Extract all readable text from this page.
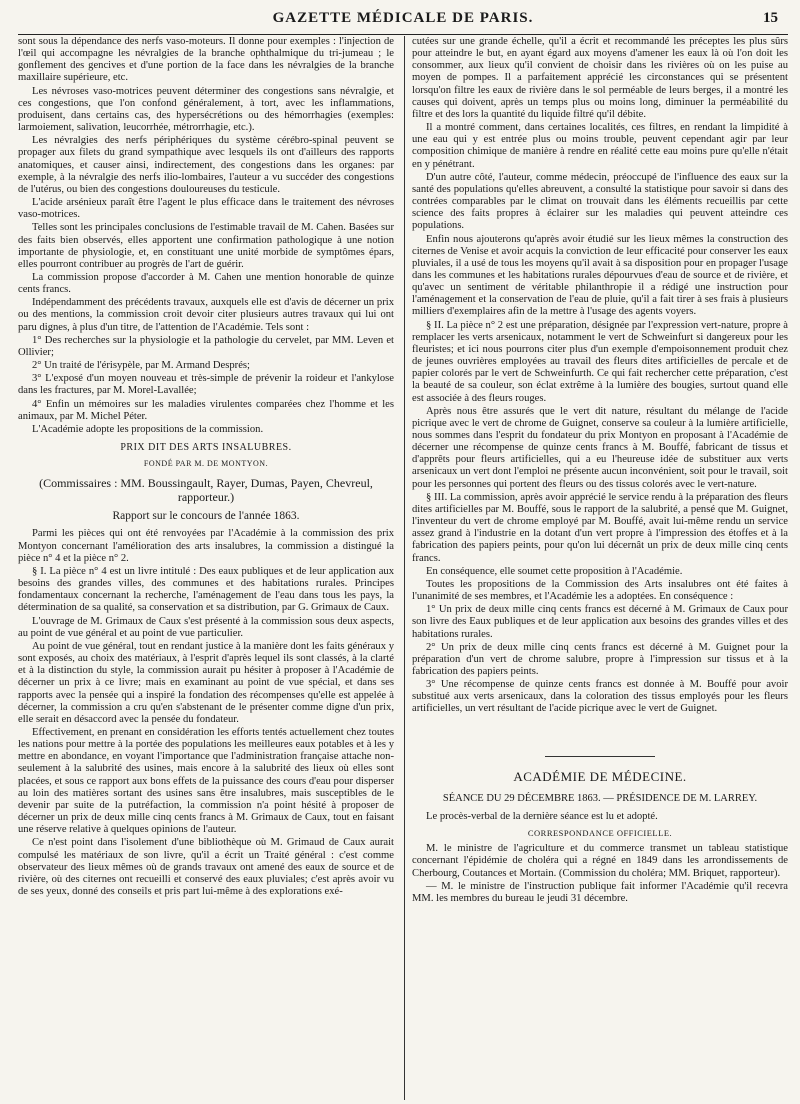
GAZETTE MÉDICALE DE PARIS.	15

sont sous la dépendance des nerfs vaso-moteurs. Il donne pour exemples : l'injection de l'œil qui accompagne les névralgies de la branche ophthalmique du tri-jumeau ; le gonflement des gencives et d'une portion de la face dans les névralgies de la branche maxillaire supérieure, etc.

Les névroses vaso-motrices peuvent déterminer des congestions sans névralgie, et ces congestions, que l'on confond généralement, à tort, avec les inflammations, produisent, dans certains cas, des hypersécrétions ou des hémorrhagies (exemples: larmoiement, salivation, leucorrhée, métrorrhagie, etc.).

Les névralgies des nerfs périphériques du système cérébro-spinal peuvent se propager aux filets du grand sympathique avec lesquels ils ont d'ailleurs des rapports anatomiques, et causer ainsi, indirectement, des congestions dans les organes: par exemple, à la névralgie des nerfs ilio-lombaires, l'auteur a vu succéder des congestions de l'utérus, ou bien des congestions douloureuses du testicule.

L'acide arsénieux paraît être l'agent le plus efficace dans le traitement des névroses vaso-motrices.

Telles sont les principales conclusions de l'estimable travail de M. Cahen. Basées sur des faits bien observés, elles apportent une confirmation pathologique à une notion importante de physiologie, et, en constituant une unité morbide de symptômes épars, elles pourront contribuer au progrès de l'art de guérir.

La commission propose d'accorder à M. Cahen une mention honorable de quinze cents francs.

Indépendamment des précédents travaux, auxquels elle est d'avis de décerner un prix ou des mentions, la commission croit devoir citer plusieurs autres travaux qui lui ont paru dignes, à plus d'un titre, de l'attention de l'Académie. Tels sont :

1° Des recherches sur la physiologie et la pathologie du cervelet, par MM. Leven et Ollivier;

2° Un traité de l'érisypèle, par M. Armand Després;

3° L'exposé d'un moyen nouveau et très-simple de prévenir la roideur et l'ankylose dans les fractures, par M. Morel-Lavallée;

4° Enfin un mémoires sur les maladies virulentes comparées chez l'homme et les animaux, par M. Michel Péter.

L'Académie adopte les propositions de la commission.

PRIX DIT DES ARTS INSALUBRES.
FONDÉ PAR M. DE MONTYON.
(Commissaires : MM. Boussingault, Rayer, Dumas, Payen, Chevreul, rapporteur.)
Rapport sur le concours de l'année 1863.

Parmi les pièces qui ont été renvoyées par l'Académie à la commission des prix Montyon concernant l'amélioration des arts insalubres, la commission a distingué la pièce n° 4 et la pièce n° 2.

§ I. La pièce n° 4 est un livre intitulé : Des eaux publiques et de leur application aux besoins des grandes villes, des communes et des habitations rurales. Principes fondamentaux concernant la recherche, l'aménagement de l'eau dans tous les pays, la détermination de sa qualité, sa conservation et sa distribution, par G. Grimaux de Caux.

L'ouvrage de M. Grimaux de Caux s'est présenté à la commission sous deux aspects, au point de vue général et au point de vue particulier.

Au point de vue général, tout en rendant justice à la manière dont les faits généraux y sont exposés, au choix des matériaux, à l'esprit d'après lequel ils sont classés, à la clarté et à la distinction du style, la commission aurait pu hésiter à proposer à l'Académie de décerner un prix à ce livre; mais en examinant au point de vue spécial, et dans ses rapports avec la pensée qui a inspiré la fondation des récompenses qu'elle est appelée à décerner, la commission a cru qu'en s'abstenant de le présenter comme digne d'un prix, elle serait en désaccord avec la pensée du fondateur.

Effectivement, en prenant en considération les efforts tentés actuellement chez toutes les nations pour mettre à la portée des populations les meilleures eaux potables et à les y mettre en abondance, en voyant l'importance que l'administration française attache non-seulement à la salubrité des usines, mais encore à la salubrité des lieux où elles sont placées, et sous ce rapport aux bons effets de la puissance des cours d'eau pour disperser au loin des matières sortant des usines sans être insalubres, mais susceptibles de le devenir par suite de la putréfaction, la commission n'a point hésité à proposer de décerner un prix de deux mille cinq cents francs à M. Grimaux de Caux, tout en faisant une réserve relative à quelques opinions de l'auteur.

Ce n'est point dans l'isolement d'une bibliothèque où M. Grimaud de Caux aurait compulsé les matériaux de son livre, qu'il a écrit un Traité général : c'est comme observateur des lieux mêmes où de grands travaux ont amené des eaux de source et de rivière, où des citernes ont recueilli et conservé des eaux pluviales; c'est après avoir vu de ses yeux, donné des conseils et pris part lui-même à des explorations exé-

cutées sur une grande échelle, qu'il a écrit et recommandé les préceptes les plus sûrs pour atteindre le but, en ayant égard aux moyens d'amener les eaux là où l'on doit les consommer, aux lieux qu'il convient de choisir dans les rivières où on les puise au moyen de pompes. Il a parfaitement apprécié les circonstances qui se présentent lorsqu'on filtre les eaux de rivière dans le sol perméable de leurs berges, il a montré les causes qui doivent, après un temps plus ou moins long, diminuer la perméabilité du filtre et des lors la quantité du liquide filtré qu'il débite.

Il a montré comment, dans certaines localités, ces filtres, en rendant la limpidité à une eau qui y est entrée plus ou moins trouble, peuvent cependant agir par leur composition chimique de manière à rendre en réalité cette eau moins pure qu'elle n'était en y pénétrant.

D'un autre côté, l'auteur, comme médecin, préoccupé de l'influence des eaux sur la santé des populations qu'elles abreuvent, a consulté la statistique pour savoir si dans des contrées comparables par le climat on trouvait dans les éléments recueillis par cette science des faits propres à éclairer sur les maladies qui peuvent atteindre ces populations.

Enfin nous ajouterons qu'après avoir étudié sur les lieux mêmes la construction des citernes de Venise et avoir acquis la conviction de leur efficacité pour conserver les eaux pluviales, il a usé de tous les moyens qu'il avait à sa disposition pour en propager l'usage dans les communes et les habitations rurales dépourvues d'eau de source et de rivière, et qu'avec un sentiment de véritable philanthropie il a rédigé une instruction pour l'aménagement et la conservation de l'eau de pluie, qu'il a fait tirer à ses frais à plusieurs milliers d'exemplaires afin de la mettre à l'usage des agents voyers.

§ II. La pièce n° 2 est une préparation, désignée par l'expression vert-nature, propre à remplacer les verts arsenicaux, notamment le vert de Schweinfurt si dangereux pour les fleuristes; et ici nous pourrons citer plus d'un exemple d'empoisonnement produit chez de jeunes ouvrières employées au travail des fleurs dites artificielles de percale et de papier colorés par le vert de Schweinfurth. Ce qui fait rechercher cette préparation, c'est la beauté de sa couleur, son éclat extrême à la lumière des bougies, surtout quand elle est associée à des fleurs rouges.

Après nous être assurés que le vert dit nature, résultant du mélange de l'acide picrique avec le vert de chrome de Guignet, conserve sa couleur à la lumière artificielle, nous sommes dans l'esprit du fondateur du prix Montyon en proposant à l'Académie de décerner une récompense de quinze cents francs à M. Bouffé, fabricant de tissus et d'apprêts pour fleurs artificielles, qui a eu l'heureuse idée de substituer aux verts arsenicaux un vert dont l'emploi ne présente aucun inconvénient, soit pour le travail, soit pour les personnes qui portent des fleurs ou des tissus colorés avec le vert-nature.

§ III. La commission, après avoir apprécié le service rendu à la préparation des fleurs dites artificielles par M. Bouffé, sous le rapport de la salubrité, a pensé que M. Guignet, l'inventeur du vert de chrome employé par M. Bouffé, avait lui-même rendu un service assez grand à l'industrie en la dotant d'un vert propre à l'impression des étoffes et à la fabrication des papiers peints, pour qu'on lui décernât un prix de deux mille cinq cents francs.

En conséquence, elle soumet cette proposition à l'Académie.

Toutes les propositions de la Commission des Arts insalubres ont été faites à l'unanimité de ses membres, et l'Académie les a adoptées. En conséquence :

1° Un prix de deux mille cinq cents francs est décerné à M. Grimaux de Caux pour son livre des Eaux publiques et de leur application aux besoins des grandes villes et des habitations rurales.

2° Un prix de deux mille cinq cents francs est décerné à M. Guignet pour la préparation d'un vert de chrome salubre, propre à l'impression sur tissus et à la fabrication des papiers peints.

3° Une récompense de quinze cents francs est donnée à M. Bouffé pour avoir substitué aux verts arsenicaux, dans la coloration des tissus employés pour les fleurs artificielles, un vert résultant de l'acide picrique avec le vert de Guignet.

ACADÉMIE DE MÉDECINE.
SÉANCE DU 29 DÉCEMBRE 1863. — PRÉSIDENCE DE M. LARREY.

Le procès-verbal de la dernière séance est lu et adopté.

CORRESPONDANCE OFFICIELLE.

M. le ministre de l'agriculture et du commerce transmet un tableau statistique concernant l'épidémie de choléra qui a régné en 1849 dans les arrondissements de Cherbourg, Coutances et Mortain. (Commission du choléra; MM. Briquet, rapporteur).

— M. le ministre de l'instruction publique fait informer l'Académie qu'il recevra MM. les membres du bureau le jeudi 31 décembre.
